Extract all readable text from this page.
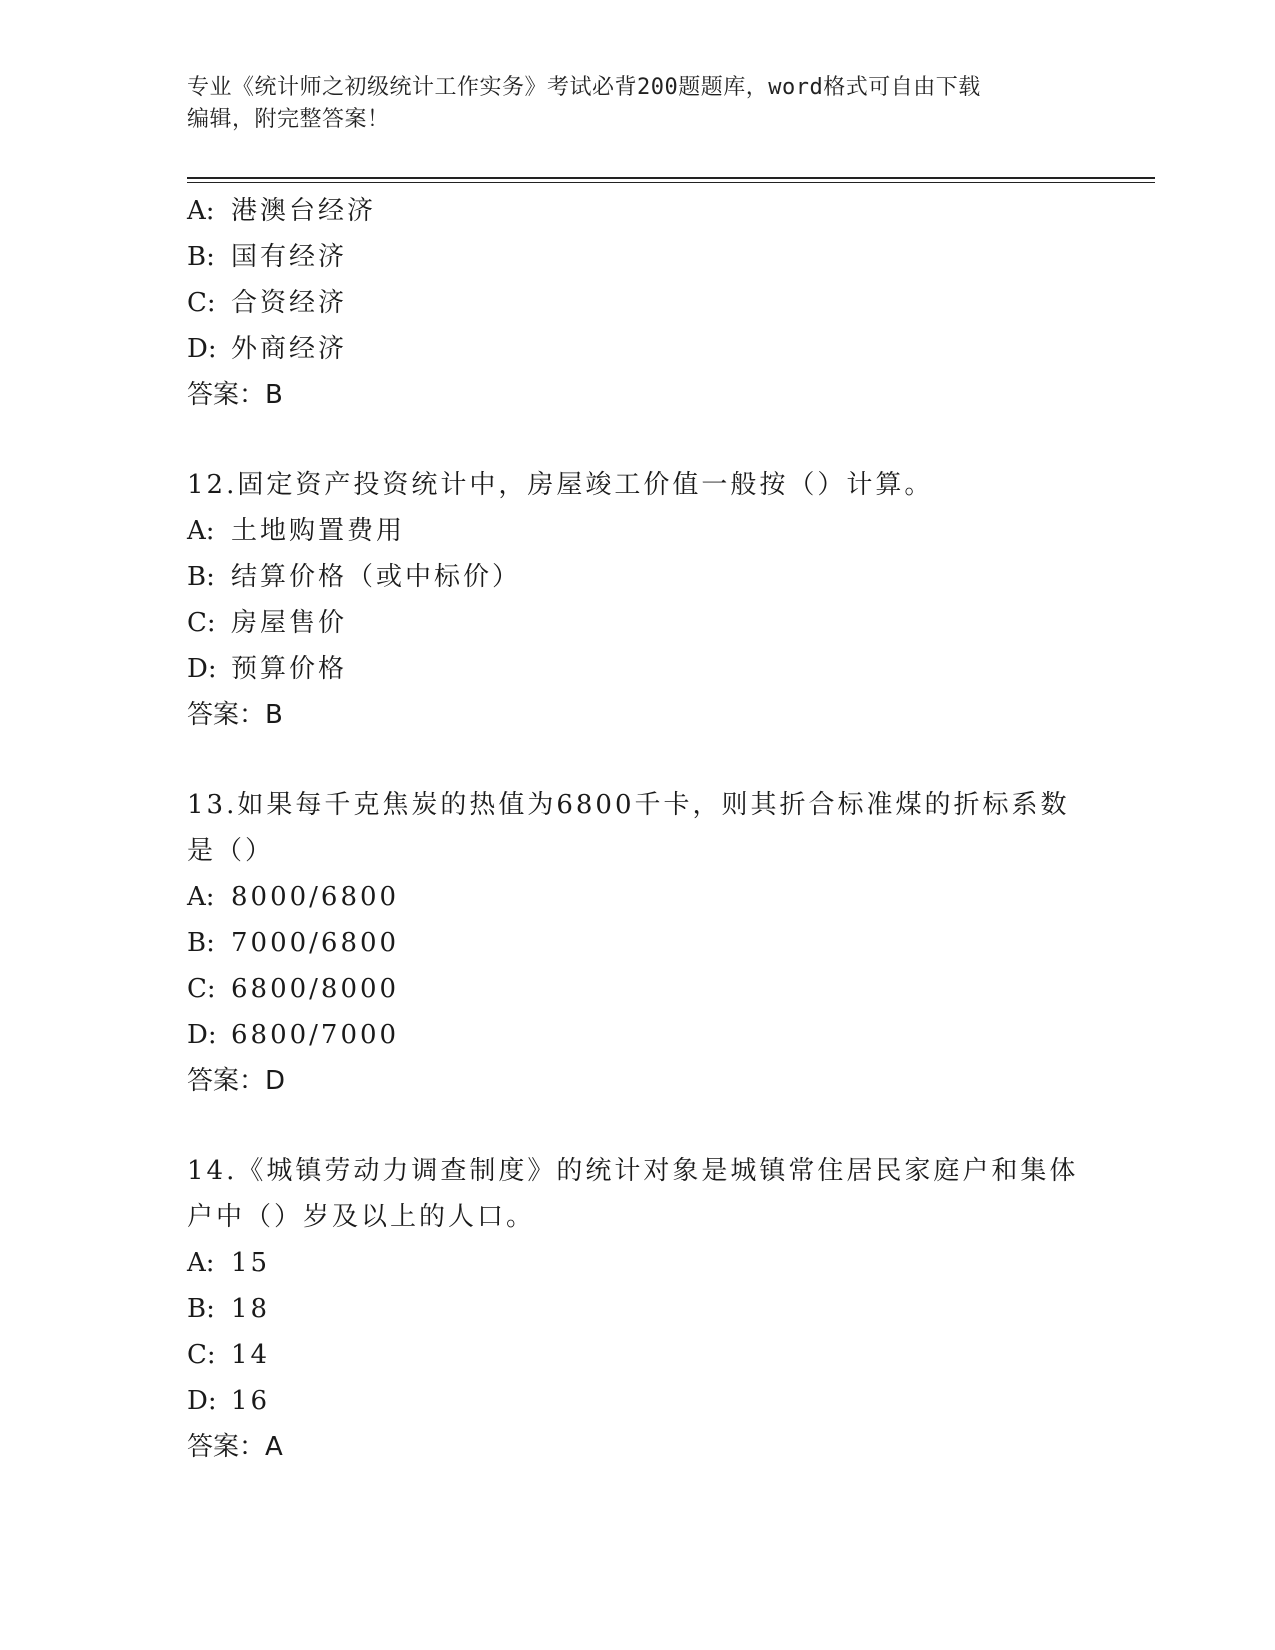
专业《统计师之初级统计工作实务》考试必背200题题库，word格式可自由下载
编辑，附完整答案！

A: 港澳台经济

B: 国有经济

C: 合资经济

D: 外商经济

答案：B

12.固定资产投资统计中，房屋竣工价值一般按（）计算。

A: 土地购置费用

B: 结算价格（或中标价）

C: 房屋售价

D: 预算价格

答案：B

13.如果每千克焦炭的热值为6800千卡，则其折合标准煤的折标系数是（）

A: 8000/6800

B: 7000/6800

C: 6800/8000

D: 6800/7000

答案：D

14.《城镇劳动力调查制度》的统计对象是城镇常住居民家庭户和集体户中（）岁及以上的人口。

A: 15

B: 18

C: 14

D: 16

答案：A
